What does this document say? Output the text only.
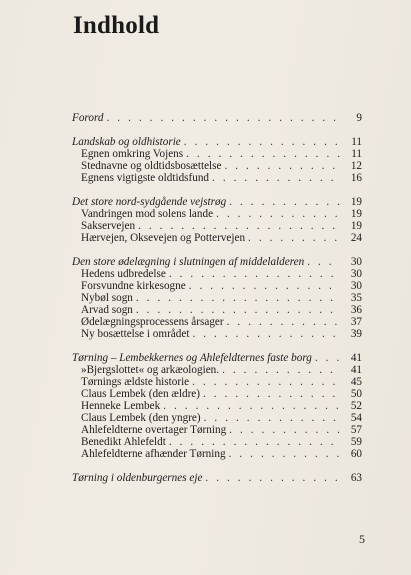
Indhold
Forord . . .	9
Landskab og oldhistorie . . .	11
Egnen omkring Vojens . . .	11
Stednavne og oldtidsbosættelse . . .	12
Egnens vigtigste oldtidsfund . . .	16
Det store nord-sydgående vejstrøg . . .	19
Vandringen mod solens lande . . .	19
Sakservejen . . .	19
Hærvejen, Oksevejen og Pottervejen . . .	24
Den store ødelægning i slutningen af middelalderen . . .	30
Hedens udbredelse . . .	30
Forsvundne kirkesogne . . .	30
Nybøl sogn . . .	35
Arvad sogn . . .	36
Ødelægningsprocessens årsager . . .	37
Ny bosættelse i området . . .	39
Tørning – Lembekkernes og Ahlefeldternes faste borg . . .	41
»Bjergslottet« og arkæologien. . . .	41
Tørnings ældste historie . . .	45
Claus Lembek (den ældre) . . .	50
Henneke Lembek . . .	52
Claus Lembek (den yngre) . . .	54
Ahlefeldterne overtager Tørning . . .	57
Benedikt Ahlefeldt . . .	59
Ahlefeldterne afhænder Tørning . . .	60
Tørning i oldenburgernes eje . . .	63
5
